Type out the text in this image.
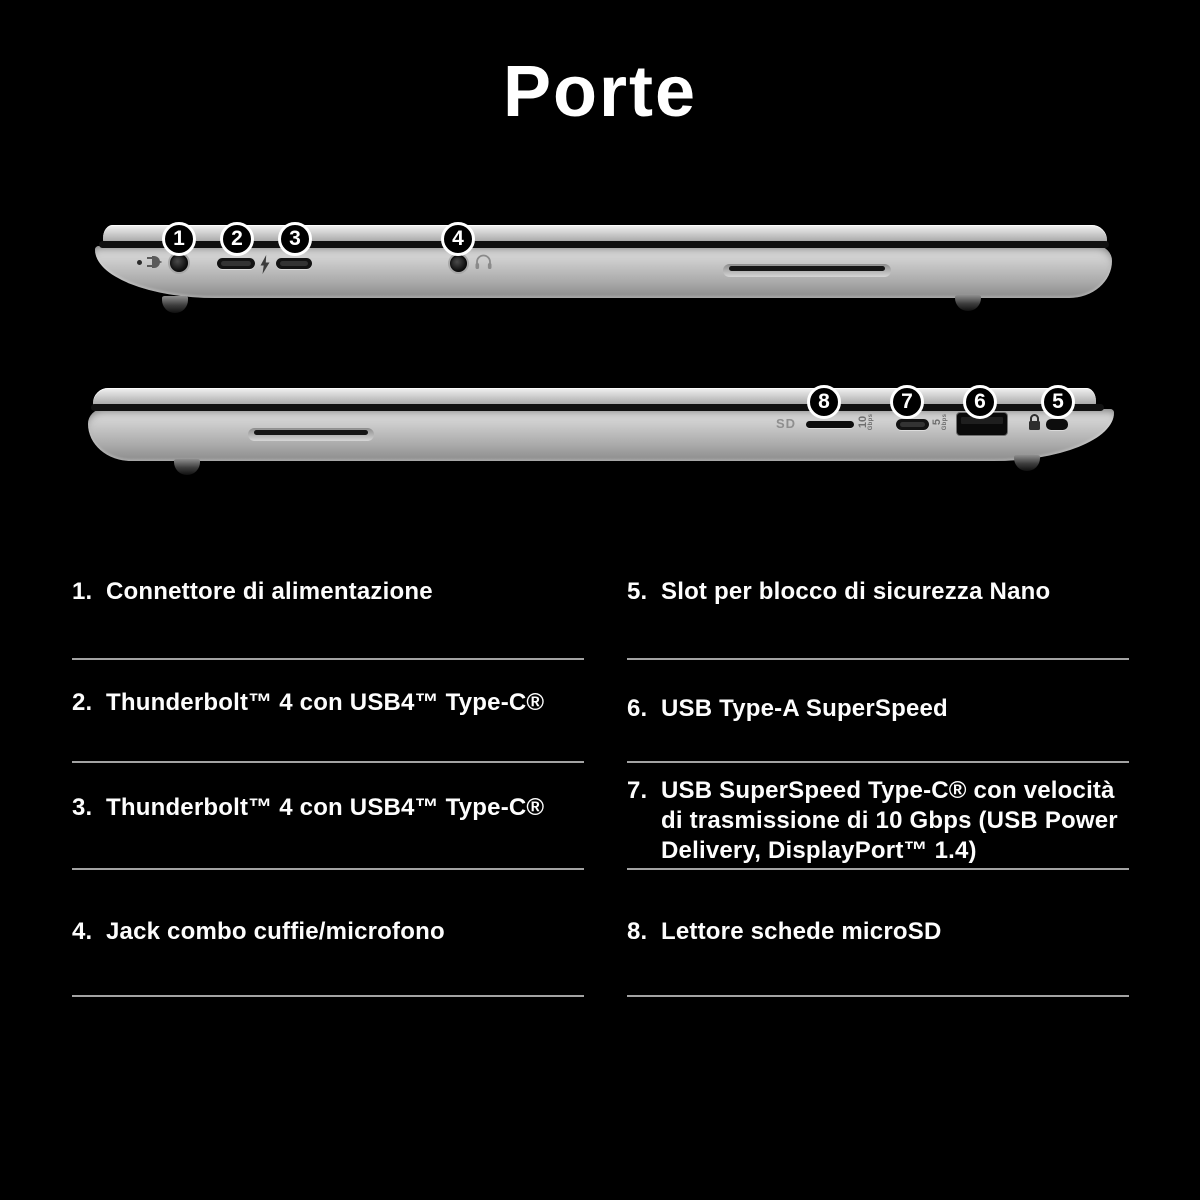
Porte
1	2	3	4
SD	10 Gbps	5 Gbps
8	7	6	5
1. Connettore di alimentazione
2. Thunderbolt™ 4 con USB4™ Type-C®
3. Thunderbolt™ 4 con USB4™ Type-C®
4. Jack combo cuffie/microfono
5. Slot per blocco di sicurezza Nano
6. USB Type-A SuperSpeed
7. USB SuperSpeed Type-C® con velocità di trasmissione di 10 Gbps (USB Power Delivery, DisplayPort™ 1.4)
8. Lettore schede microSD
